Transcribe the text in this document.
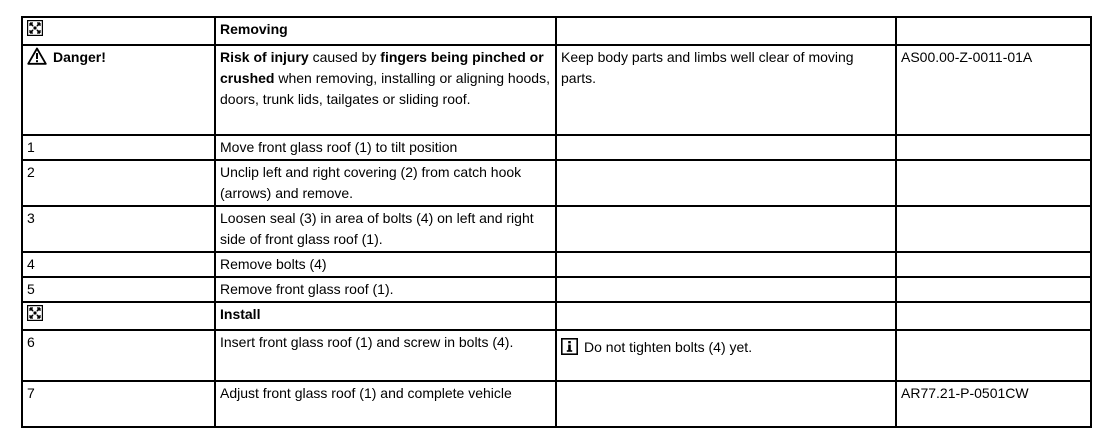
	Removing		
Danger!	Risk of injury caused by fingers being pinched or crushed when removing, installing or aligning hoods, doors, trunk lids, tailgates or sliding roof.	Keep body parts and limbs well clear of moving parts.	AS00.00-Z-0011-01A
1	Move front glass roof (1) to tilt position		
2	Unclip left and right covering (2) from catch hook (arrows) and remove.		
3	Loosen seal (3) in area of bolts (4) on left and right side of front glass roof (1).		
4	Remove bolts (4)		
5	Remove front glass roof (1).		
	Install		
6	Insert front glass roof (1) and screw in bolts (4).	Do not tighten bolts (4) yet.	
7	Adjust front glass roof (1) and complete vehicle		AR77.21-P-0501CW
